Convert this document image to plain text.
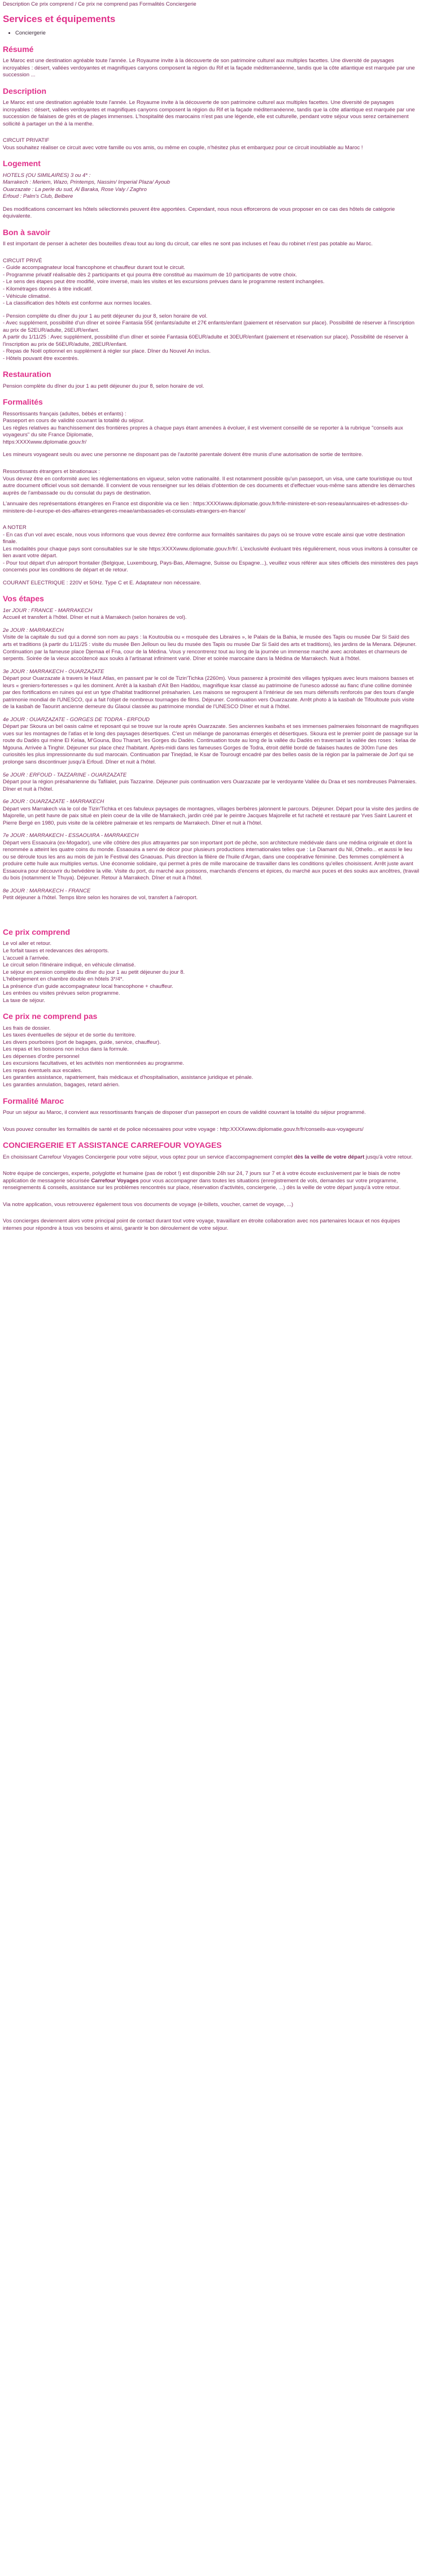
Description Ce prix comprend / Ce prix ne comprend pas Formalités Conciergerie
Services et équipements
• Conciergerie
Résumé

Le Maroc est une destination agréable toute l'année. Le Royaume invite à la découverte de son patrimoine culturel aux multiples facettes. Une diversité de paysages incroyables : désert, vallées verdoyantes et magnifiques canyons composent la région du Rif et la façade méditerranéenne, tandis que la côte atlantique est marquée par une succession ...

Description

Le Maroc est une destination agréable toute l'année. Le Royaume invite à la découverte de son patrimoine culturel aux multiples facettes. Une diversité de paysages incroyables : désert, vallées verdoyantes et magnifiques canyons composent la région du Rif et la façade méditerranéenne, tandis que la côte atlantique est marquée par une succession de falaises de grès et de plages immenses. L'hospitalité des marocains n'est pas une légende, elle est culturelle, pendant votre séjour vous serez certainement sollicité à partager un thé à la menthe.

CIRCUIT PRIVATIF

Vous souhaitez réaliser ce circuit avec votre famille ou vos amis, ou même en couple, n'hésitez plus et embarquez pour ce circuit inoubliable au Maroc !

Logement
HOTELS (OU SIMILAIRES) 3 ou 4* :
Marrakech : Meriem, Wazo, Printemps, Nassim/ Imperial Plaza/ Ayoub
Ouarzazate : La perle du sud, Al Baraka, Rose Valy / Zaghro
Erfoud : Palm's Club, Belbere

Des modifications concernant les hôtels sélectionnés peuvent être apportées. Cependant, nous nous efforcerons de vous proposer en ce cas des hôtels de catégorie équivalente.

Bon à savoir

Il est important de penser à acheter des bouteilles d'eau tout au long du circuit, car elles ne sont pas incluses et l'eau du robinet n'est pas potable au Maroc.

CIRCUIT PRIVÉ
- Guide accompagnateur local francophone et chauffeur durant tout le circuit.
- Programme privatif réalisable dès 2 participants et qui pourra être constitué au maximum de 10 participants de votre choix.
- Le sens des étapes peut être modifié, voire inversé, mais les visites et les excursions prévues dans le programme restent inchangées.
- Kilométrages donnés à titre indicatif.
- Véhicule climatisé.
- La classification des hôtels est conforme aux normes locales.
- Pension complète du dîner du jour 1 au petit déjeuner du jour 8, selon horaire de vol.
- Avec supplément, possibilité d'un dîner et soirée Fantasia 55€ (enfants/adulte et 27€ enfants/enfant (paiement et réservation sur place). Possibilité de réserver à l'inscription au prix de 52EUR/adulte, 26EUR/enfant.
A partir du 1/11/25 : Avec supplément, possibilité d'un dîner et soirée Fantasia 60EUR/adulte et 30EUR/enfant (paiement et réservation sur place). Possibilité de réserver à l'inscription au prix de 56EUR/adulte, 28EUR/enfant.
- Repas de Noël optionnel en supplément à régler sur place. Dîner du Nouvel An inclus.
- Hôtels pouvant être excentrés.
Restauration

Pension complète du dîner du jour 1 au petit déjeuner du jour 8, selon horaire de vol.

Formalités
Ressortissants français (adultes, bébés et enfants) :
Passeport en cours de validité couvrant la totalité du séjour.
Les règles relatives au franchissement des frontières propres à chaque pays étant amenées à évoluer, il est vivement conseillé de se reporter à la rubrique "conseils aux voyageurs" du site France Diplomatie,
https:XXXXwww.diplomatie.gouv.fr/

Les mineurs voyageant seuls ou avec une personne ne disposant pas de l'autorité parentale doivent être munis d'une autorisation de sortie de territoire.

Ressortissants étrangers et binationaux :

Vous devrez être en conformité avec les réglementations en vigueur, selon votre nationalité. Il est notamment possible qu'un passeport, un visa, une carte touristique ou tout autre document officiel vous soit demandé. Il convient de vous renseigner sur les délais d'obtention de ces documents et d'effectuer vous-même sans attendre les démarches auprès de l'ambassade ou du consulat du pays de destination.

L'annuaire des représentations étrangères en France est disponible via ce lien : https:XXXXwww.diplomatie.gouv.fr/fr/le-ministere-et-son-reseau/annuaires-et-adresses-du-ministere-de-l-europe-et-des-affaires-etrangeres-meae/ambassades-et-consulats-etrangers-en-france/

A NOTER
- En cas d'un vol avec escale, nous vous informons que vous devrez être conforme aux formalités sanitaires du pays où se trouve votre escale ainsi que votre destination finale.
Les modalités pour chaque pays sont consultables sur le site https:XXXXwww.diplomatie.gouv.fr/fr/. L'exclusivité évoluant très régulièrement, nous vous invitons à consulter ce lien avant votre départ.
- Pour tout départ d'un aéroport frontalier (Belgique, Luxembourg, Pays-Bas, Allemagne, Suisse ou Espagne...), veuillez vous référer aux sites officiels des ministères des pays concernés pour les conditions de départ et de retour.

COURANT ELECTRIQUE : 220V et 50Hz. Type C et E. Adaptateur non nécessaire.

Vos étapes
1er JOUR : FRANCE - MARRAKECH
Accueil et transfert à l'hôtel. Dîner et nuit à Marrakech (selon horaires de vol).
2e JOUR : MARRAKECH
Visite de la capitale du sud qui a donné son nom au pays : la Koutoubia ou « mosquée des Libraires », le Palais de la Bahia, le musée des Tapis ou musée Dar Si Saïd des arts et traditions (à partir du 1/11/25 : visite du musée Ben Jelloun ou lieu du musée des Tapis ou musée Dar Si Saïd des arts et traditions), les jardins de la Menara. Déjeuner. Continuation par la fameuse place Djemaa el Fna, cour de la Médina. Vous y rencontrerez tout au long de la journée un immense marché avec acrobates et charmeurs de serpents. Soirée de la vieux accoûtencé aux souks à l'artisanat infiniment varié. Dîner et soirée marocaine dans la Médina de Marrakech. Nuit à l'hôtel.
3e JOUR : MARRAKECH - OUARZAZATE
Départ pour Ouarzazate à travers le Haut Atlas, en passant par le col de Tizin'Tichka (2260m). Vous passerez à proximité des villages typiques avec leurs maisons basses et leurs « greniers-forteresses » qui les dominent. Arrêt à la kasbah d'Aït Ben Haddou, magnifique ksar classé au patrimoine de l'unesco adossé au flanc d'une colline dominée par des fortifications en ruines qui est un type d'habitat traditionnel présaharien. Les maisons se regroupent à l'intérieur de ses murs défensifs renforcés par des tours d'angle patrimonie mondial de l'UNESCO, qui a fait l'objet de nombreux tournages de films. Déjeuner. Continuation vers Ouarzazate. Arrêt photo à la kasbah de Tifoultoute puis visite de la kasbah de Taourirt ancienne demeure du Glaoui classée au patrimoine mondial de l'UNESCO Dîner et nuit à l'hôtel.
4e JOUR : OUARZAZATE - GORGES DE TODRA - ERFOUD
Départ par Skoura un bel oasis calme et reposant qui se trouve sur la route après Ouarzazate. Ses anciennes kasbahs et ses immenses palmeraies foisonnant de magnifiques vues sur les montagnes de l'atlas et le long des paysages désertiques. C'est un mélange de panoramas émergés et désertiques. Skoura est le premier point de passage sur la route du Dadès qui mène El Kelaa, M'Gouna, Bou Tharart, les Gorges du Dadès. Continuation toute au long de la vallée du Dadès en traversant la vallée des roses : kelaa de Mgouna. Arrivée à Tinghir. Déjeuner sur place chez l'habitant. Après-midi dans les fameuses Gorges de Todra, étroit défilé bordé de falaises hautes de 300m l'une des curiosités les plus impressionnante du sud marocain. Continuation par Tinejdad, le Ksar de Tourougt encadré par des belles oasis de la région par la palmeraie de Jorf qui se prolonge sans discontinuer jusqu'à Erfoud. Dîner et nuit à l'hôtel.
5e JOUR : ERFOUD - TAZZARINE - OUARZAZATE
Départ pour la région présaharienne du Tafilalet, puis Tazzarine. Déjeuner puis continuation vers Ouarzazate par le verdoyante Vallée du Draa et ses nombreuses Palmeraies. Dîner et nuit à l'hôtel.
6e JOUR : OUARZAZATE - MARRAKECH
Départ vers Marrakech via le col de Tizin'Tichka et ces fabuleux paysages de montagnes, villages berbères jalonnent le parcours. Déjeuner. Départ pour la visite des jardins de Majorelle, un petit havre de paix situé en plein coeur de la ville de Marrakech, jardin créé par le peintre Jacques Majorelle et fut racheté et restauré par Yves Saint Laurent et Pierre Bergé en 1980, puis visite de la célèbre palmeraie et les remparts de Marrakech. Dîner et nuit à l'hôtel.
7e JOUR : MARRAKECH - ESSAOUIRA - MARRAKECH
Départ vers Essaouira (ex-Mogador), une ville côtière des plus attrayantes par son important port de pêche, son architecture médiévale dans une médina originale et dont la renommée a atteint les quatre coins du monde. Essaouira a servi de décor pour plusieurs productions internationales telles que : Le Diamant du Nil, Othello... et aussi le lieu ou se déroule tous les ans au mois de juin le Festival des Gnaouas. Puis direction la filière de l'huile d'Argan, dans une coopérative féminine. Des femmes complément à produire cette huile aux multiples vertus. Une économie solidaire, qui permet à près de mille marocaine de travailler dans les conditions qu'elles choisissent. Arrêt juste avant Essaouira pour découvrir du belvédère la ville. Visite du port, du marché aux poissons, marchands d'encens et épices, du marché aux puces et des souks aux ancêtres, (travail du bois (notamment le Thuya). Déjeuner. Retour à Marrakech. Dîner et nuit à l'hôtel.
8e JOUR : MARRAKECH - FRANCE
Petit déjeuner à l'hôtel. Temps libre selon les horaires de vol, transfert à l'aéroport.
Ce prix comprend
Le vol aller et retour.
Le forfait taxes et redevances des aéroports.
L'accueil à l'arrivée.
Le circuit selon l'itinéraire indiqué, en véhicule climatisé.
Le séjour en pension complète du dîner du jour 1 au petit déjeuner du jour 8.
L'hébergement en chambre double en hôtels 3*/4*.
La présence d'un guide accompagnateur local francophone + chauffeur.
Les entrées ou visites prévues selon programme.
La taxe de séjour.
Ce prix ne comprend pas
Les frais de dossier.
Les taxes éventuelles de séjour et de sortie du territoire.
Les divers pourboires (port de bagages, guide, service, chauffeur).
Les repas et les boissons non inclus dans la formule.
Les dépenses d'ordre personnel
Les excursions facultatives, et les activités non mentionnées au programme.
Les repas éventuels aux escales.
Les garanties assistance, rapatriement, frais médicaux et d'hospitalisation, assistance juridique et pénale.
Les garanties annulation, bagages, retard aérien.
Formalité Maroc

Pour un séjour au Maroc, il convient aux ressortissants français de disposer d'un passeport en cours de validité couvrant la totalité du séjour programmé.

Vous pouvez consulter les formalités de santé et de police nécessaires pour votre voyage : http:XXXXwww.diplomatie.gouv.fr/fr/conseils-aux-voyageurs/

CONCIERGERIE ET ASSISTANCE CARREFOUR VOYAGES

En choisissant Carrefour Voyages Conciergerie pour votre séjour, vous optez pour un service d'accompagnement complet dès la veille de votre départ jusqu'à votre retour.

Notre équipe de concierges, experte, polyglotte et humaine (pas de robot !) est disponible 24h sur 24, 7 jours sur 7 et à votre écoute exclusivement par le biais de notre application de messagerie sécurisée Carrefour Voyages pour vous accompagner dans toutes les situations (enregistrement de vols, demandes sur votre programme, renseignements & conseils, assistance sur les problèmes rencontrés sur place, réservation d'activités, conciergerie, ...) dès la veille de votre départ jusqu'à votre retour.

Via notre application, vous retrouverez également tous vos documents de voyage (e-billets, voucher, carnet de voyage, ...)

Vos concierges deviennent alors votre principal point de contact durant tout votre voyage, travaillant en étroite collaboration avec nos partenaires locaux et nos équipes internes pour répondre à tous vos besoins et ainsi, garantir le bon déroulement de votre séjour.
